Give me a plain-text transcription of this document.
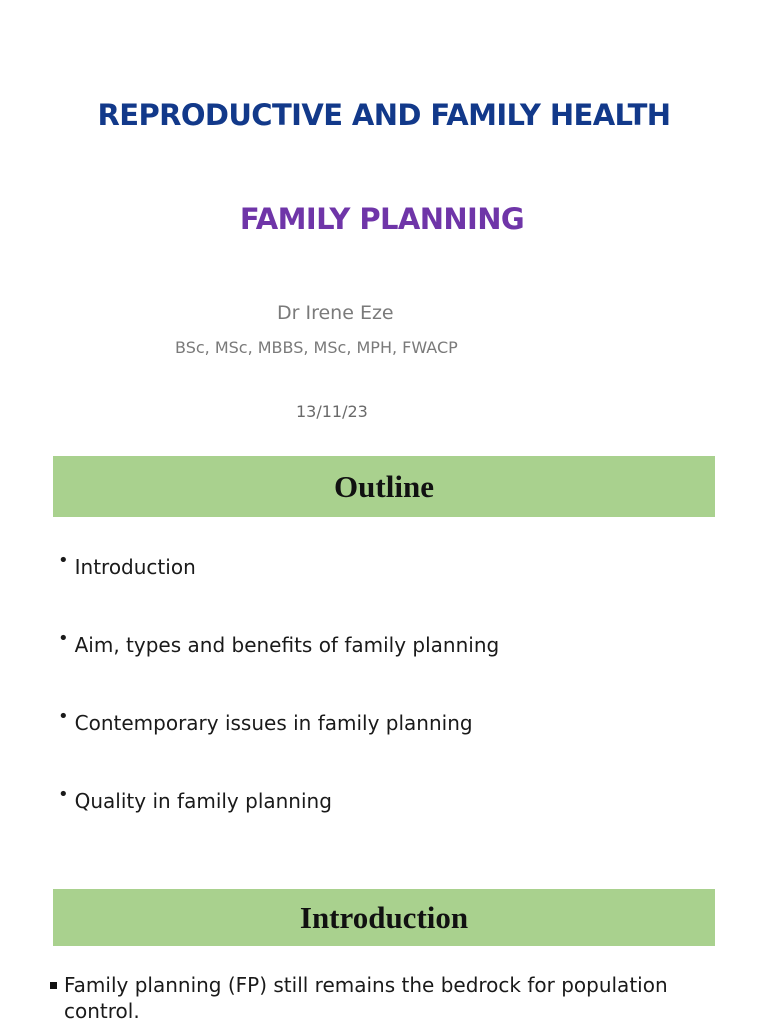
REPRODUCTIVE AND FAMILY HEALTH
FAMILY PLANNING
Dr Irene Eze
BSc, MSc, MBBS, MSc, MPH, FWACP
13/11/23
Outline
• Introduction
• Aim, types and benefits of family planning
• Contemporary issues in family planning
• Quality in family planning
Introduction
Family planning (FP) still remains the bedrock for population control.
